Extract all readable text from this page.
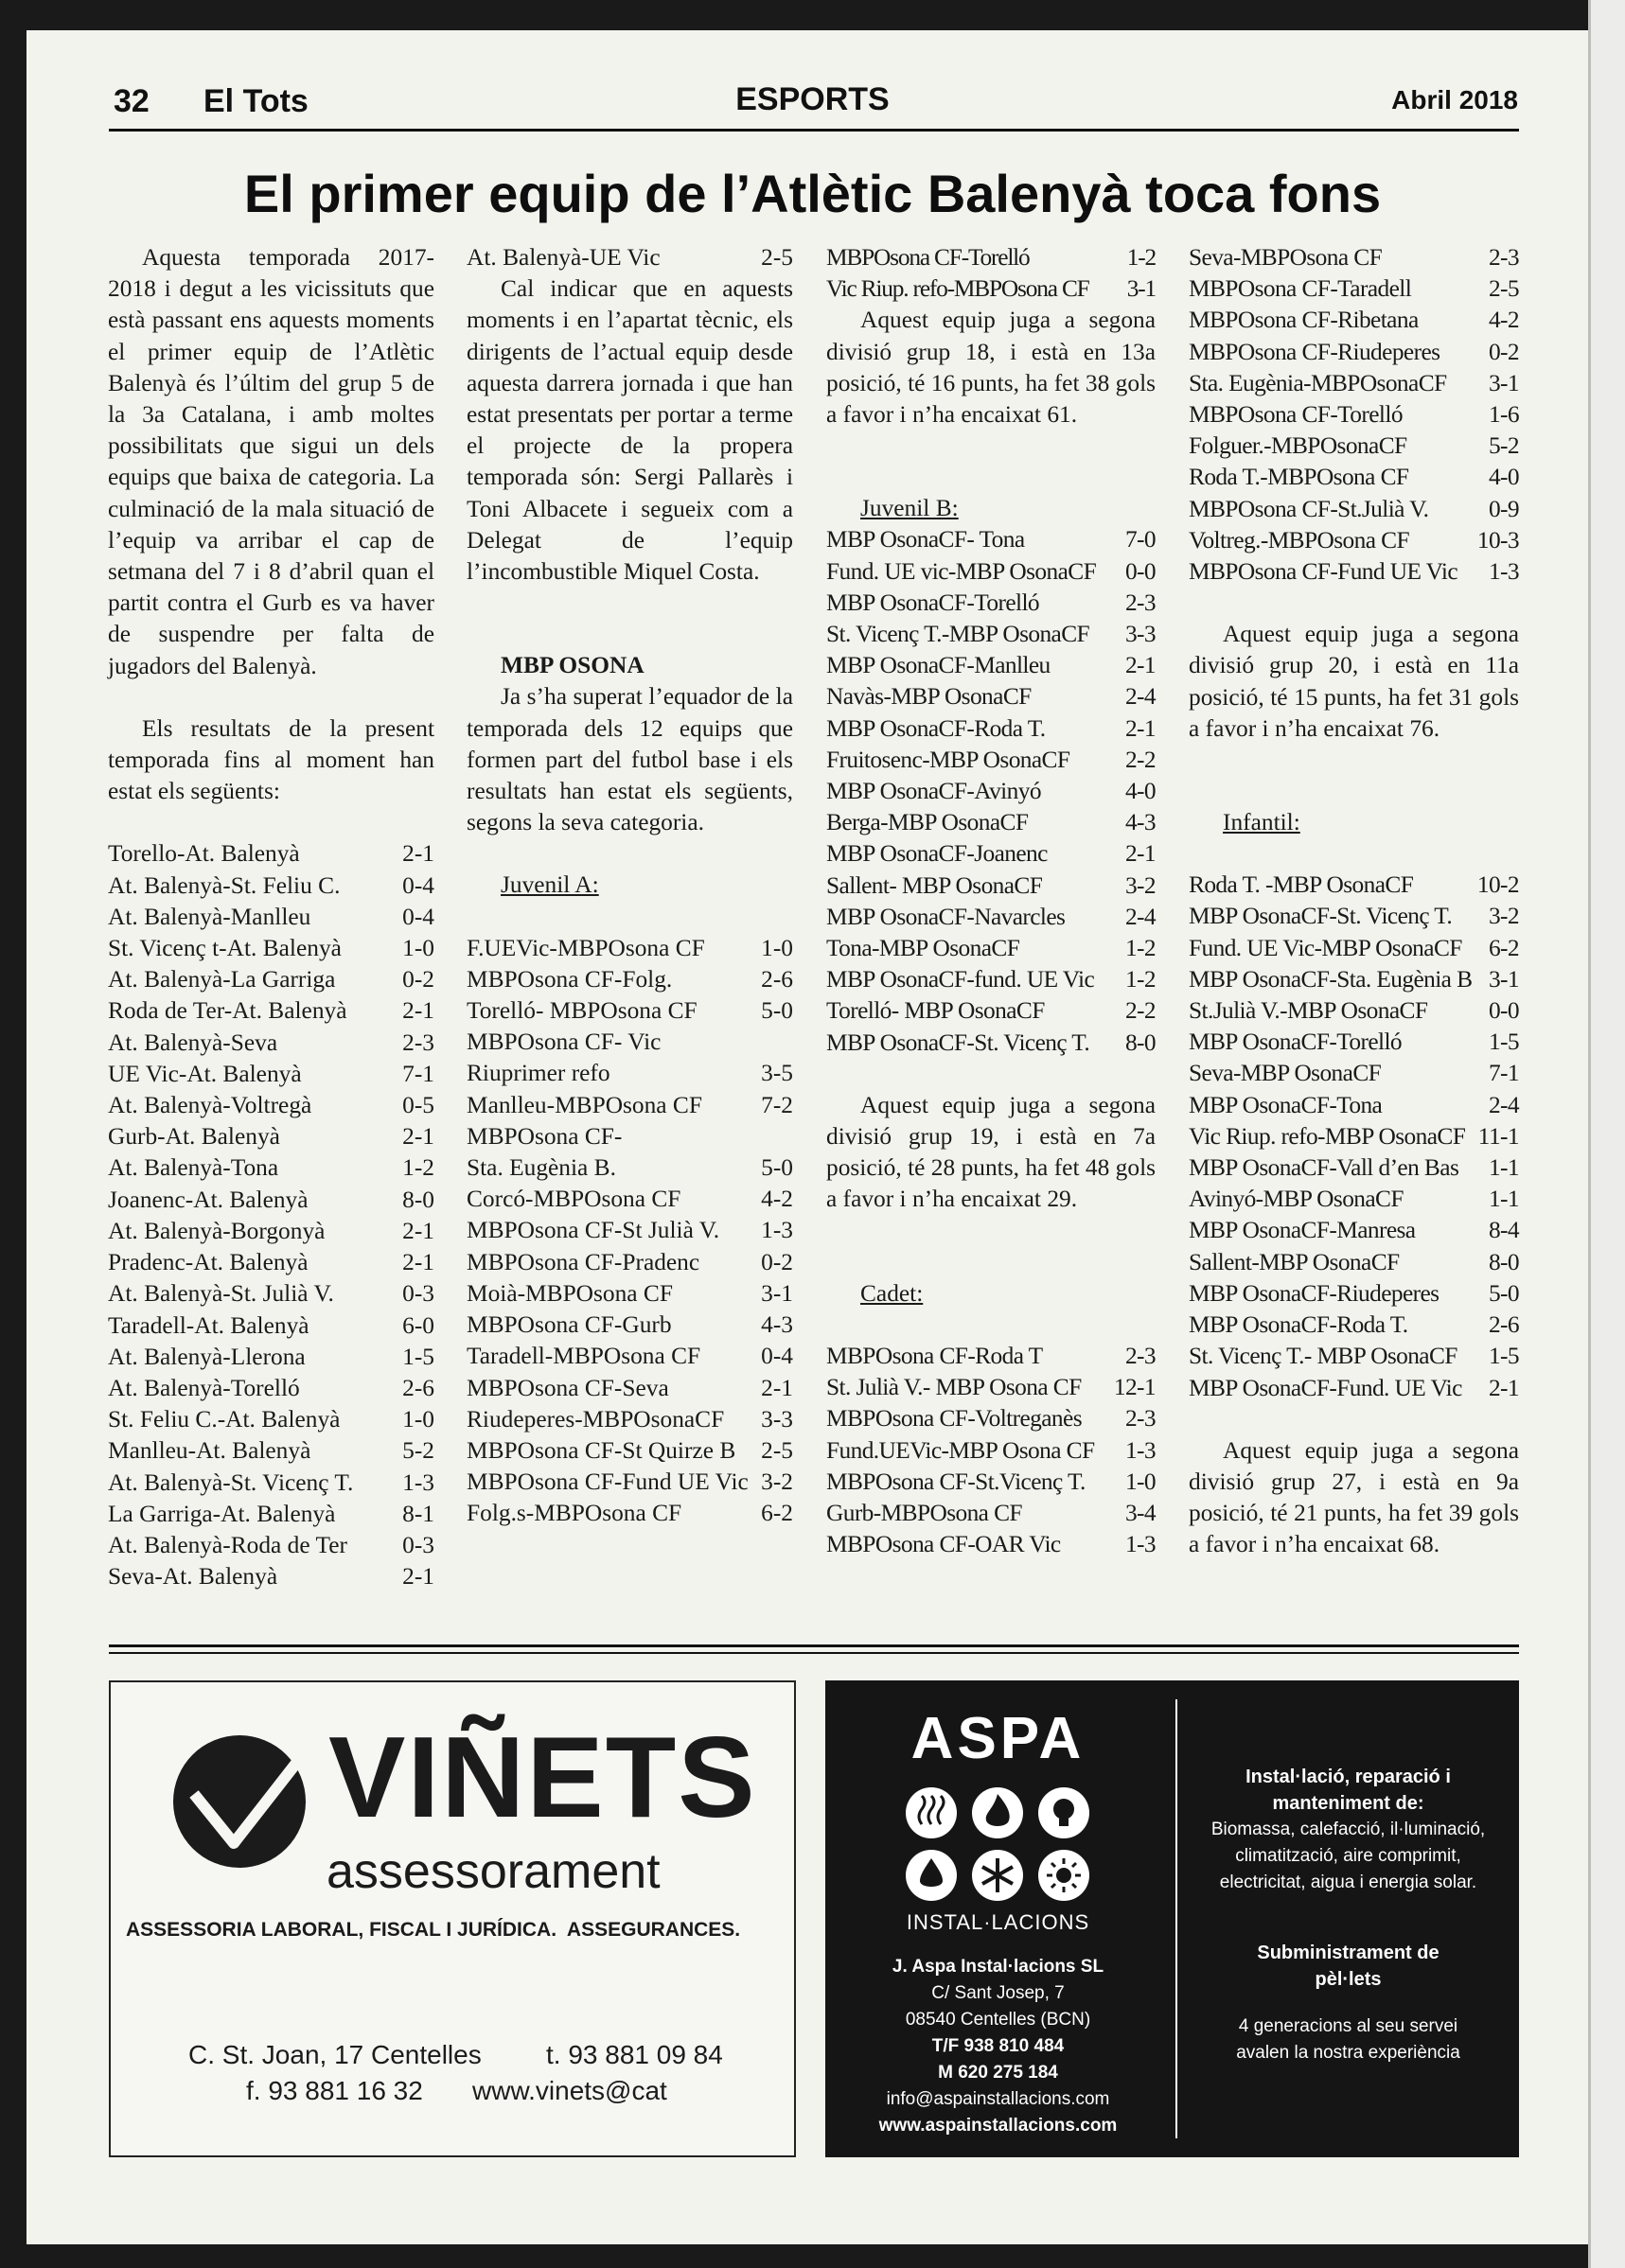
32 El Tots	ESPORTS	Abril 2018
El primer equip de l’Atlètic Balenyà toca fons

Aquesta temporada 2017-2018 i degut a les vicissituts que està passant ens aquests moments el primer equip de l’Atlètic Balenyà és l’últim del grup 5 de la 3a Catalana, i amb moltes possibilitats que sigui un dels equips que baixa de categoria. La culminació de la mala situació de l’equip va arribar el cap de setmana del 7 i 8 d’abril quan el partit contra el Gurb es va haver de suspendre per falta de jugadors del Balenyà.

Els resultats de la present temporada fins al moment han estat els següents:

Torello-At. Balenyà	2-1
At. Balenyà-St. Feliu C.	0-4
At. Balenyà-Manlleu	0-4
St. Vicenç t-At. Balenyà	1-0
At. Balenyà-La Garriga	0-2
Roda de Ter-At. Balenyà 2-1
At. Balenyà-Seva	2-3
UE Vic-At. Balenyà	7-1
At. Balenyà-Voltregà	0-5
Gurb-At. Balenyà	2-1
At. Balenyà-Tona	1-2
Joanenc-At. Balenyà	8-0
At. Balenyà-Borgonyà	2-1
Pradenc-At. Balenyà	2-1
At. Balenyà-St. Julià V.	0-3
Taradell-At. Balenyà	6-0
At. Balenyà-Llerona	1-5
At. Balenyà-Torelló	2-6
St. Feliu C.-At. Balenyà	1-0
Manlleu-At. Balenyà	5-2
At. Balenyà-St. Vicenç T. 1-3
La Garriga-At. Balenyà	8-1
At. Balenyà-Roda de Ter 0-3
Seva-At. Balenyà	2-1
At. Balenyà-UE Vic	2-5

Cal indicar que en aquests moments i en l’apartat tècnic, els dirigents de l’actual equip desde aquesta darrera jornada i que han estat presentats per portar a terme el projecte de la propera temporada són: Sergi Pallarès i Toni Albacete i segueix com a Delegat de l’equip l’incombustible Miquel Costa.

MBP OSONA

Ja s’ha superat l’equador de la temporada dels 12 equips que formen part del futbol base i els resultats han estat els següents, segons la seva categoria.

Juvenil A:
F.UEVic-MBPOsona CF 1-0
MBPOsona CF-Folg.	2-6
Torelló- MBPOsona CF	5-0
MBPOsona CF- Vic
Riuprimer refo	3-5
Manlleu-MBPOsona CF 7-2
MBPOsona CF-
Sta. Eugènia B.	5-0
Corcó-MBPOsona CF	4-2
MBPOsona CF-St Julià V. 1-3
MBPOsona CF-Pradenc	0-2
Moià-MBPOsona CF	3-1
MBPOsona CF-Gurb	4-3
Taradell-MBPOsona CF	0-4
MBPOsona CF-Seva	2-1
Riudeperes-MBPOsonaCF 3-3
MBPOsona CF-St Quirze B 2-5
MBPOsona CF-Fund UE Vic 3-2
Folg.s-MBPOsona CF	6-2
MBPOsona CF-Torelló	1-2
Vic Riup. refo-MBPOsona CF 3-1

Aquest equip juga a segona divisió grup 18, i està en 13a posició, té 16 punts, ha fet 38 gols a favor i n’ha encaixat 61.

Juvenil B:
MBP OsonaCF- Tona	7-0
Fund. UE vic-MBP OsonaCF 0-0
MBP OsonaCF-Torelló	2-3
St. Vicenç T.-MBP OsonaCF 3-3
MBP OsonaCF-Manlleu	2-1
Navàs-MBP OsonaCF	2-4
MBP OsonaCF-Roda T.	2-1
Fruitosenc-MBP OsonaCF 2-2
MBP OsonaCF-Avinyó	4-0
Berga-MBP OsonaCF	4-3
MBP OsonaCF-Joanenc	2-1
Sallent- MBP OsonaCF	3-2
MBP OsonaCF-Navarcles	2-4
Tona-MBP OsonaCF	1-2
MBP OsonaCF-fund. UE Vic 1-2
Torelló- MBP OsonaCF	2-2
MBP OsonaCF-St. Vicenç T. 8-0

Aquest equip juga a segona divisió grup 19, i està en 7a posició, té 28 punts, ha fet 48 gols a favor i n’ha encaixat 29.

Cadet:
MBPOsona CF-Roda T	2-3
St. Julià V.- MBP Osona CF 12-1
MBPOsona CF-Voltreganès 2-3
Fund.UEVic-MBP Osona CF 1-3
MBPOsona CF-St.Vicenç T. 1-0
Gurb-MBPOsona CF	3-4
MBPOsona CF-OAR Vic	1-3
Seva-MBPOsona CF	2-3
MBPOsona CF-Taradell	2-5
MBPOsona CF-Ribetana	4-2
MBPOsona CF-Riudeperes 0-2
Sta. Eugènia-MBPOsonaCF 3-1
MBPOsona CF-Torelló	1-6
Folguer.-MBPOsonaCF	5-2
Roda T.-MBPOsona CF	4-0
MBPOsona CF-St.Julià V.	0-9
Voltreg.-MBPOsona CF	10-3
MBPOsona CF-Fund UE Vic 1-3

Aquest equip juga a segona divisió grup 20, i està en 11a posició, té 15 punts, ha fet 31 gols a favor i n’ha encaixat 76.

Infantil:
Roda T. -MBP OsonaCF	10-2
MBP OsonaCF-St. Vicenç T. 3-2
Fund. UE Vic-MBP OsonaCF 6-2
MBP OsonaCF-Sta. Eugènia B 3-1
St.Julià V.-MBP OsonaCF	0-0
MBP OsonaCF-Torelló	1-5
Seva-MBP OsonaCF	7-1
MBP OsonaCF-Tona	2-4
Vic Riup. refo-MBP OsonaCF 11-1
MBP OsonaCF-Vall d’en Bas 1-1
Avinyó-MBP OsonaCF	1-1
MBP OsonaCF-Manresa	8-4
Sallent-MBP OsonaCF	8-0
MBP OsonaCF-Riudeperes 5-0
MBP OsonaCF-Roda T.	2-6
St. Vicenç T.- MBP OsonaCF 1-5
MBP OsonaCF-Fund. UE Vic 2-1

Aquest equip juga a segona divisió grup 27, i està en 9a posició, té 21 punts, ha fet 39 gols a favor i n’ha encaixat 68.

VIÑETS
assessorament
ASSESSORIA LABORAL, FISCAL I JURÍDICA.  ASSEGURANCES.
C. St. Joan, 17 Centelles t. 93 881 09 84
f. 93 881 16 32 www.vinets@cat
ASPA
INSTAL·LACIONS
J. Aspa Instal·lacions SL
C/ Sant Josep, 7
08540 Centelles (BCN)
T/F 938 810 484
M 620 275 184
info@aspainstallacions.com
www.aspainstallacions.com
Instal·lació, reparació i manteniment de:
Biomassa, calefacció, il·luminació, climatització, aire comprimit, electricitat, aigua i energia solar.
Subministrament de pèl·lets
4 generacions al seu servei avalen la nostra experiència
